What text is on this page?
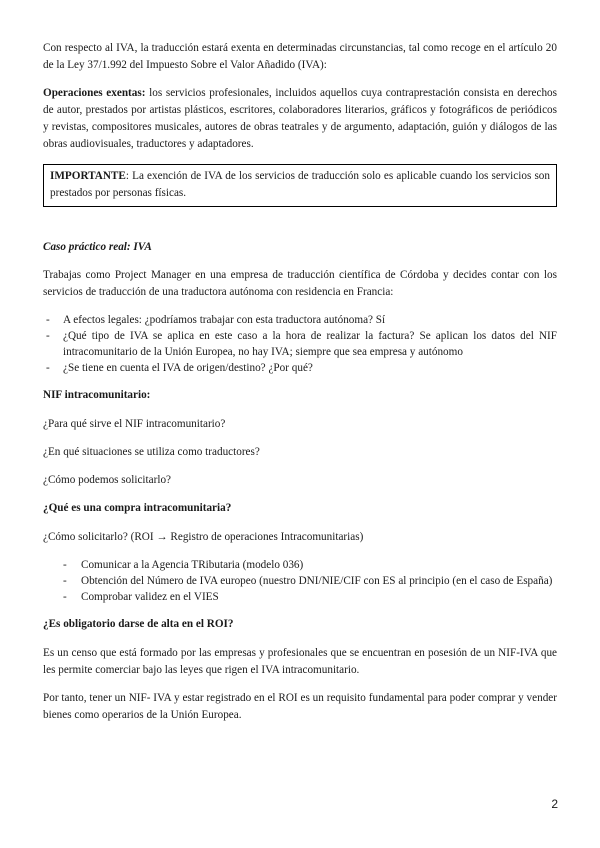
Con respecto al IVA, la traducción estará exenta en determinadas circunstancias, tal como recoge en el artículo 20 de la Ley 37/1.992 del Impuesto Sobre el Valor Añadido (IVA):

Operaciones exentas: los servicios profesionales, incluidos aquellos cuya contraprestación consista en derechos de autor, prestados por artistas plásticos, escritores, colaboradores literarios, gráficos y fotográficos de periódicos y revistas, compositores musicales, autores de obras teatrales y de argumento, adaptación, guión y diálogos de las obras audiovisuales, traductores y adaptadores.

IMPORTANTE: La exención de IVA de los servicios de traducción solo es aplicable cuando los servicios son prestados por personas físicas.
Caso práctico real: IVA

Trabajas como Project Manager en una empresa de traducción científica de Córdoba y decides contar con los servicios de traducción de una traductora autónoma con residencia en Francia:

- A efectos legales: ¿podríamos trabajar con esta traductora autónoma? Sí
- ¿Qué tipo de IVA se aplica en este caso a la hora de realizar la factura? Se aplican los datos del NIF intracomunitario de la Unión Europea, no hay IVA; siempre que sea empresa y autónomo
- ¿Se tiene en cuenta el IVA de origen/destino? ¿Por qué?
NIF intracomunitario:

¿Para qué sirve el NIF intracomunitario?

¿En qué situaciones se utiliza como traductores?

¿Cómo podemos solicitarlo?

¿Qué es una compra intracomunitaria?

¿Cómo solicitarlo? (ROI → Registro de operaciones Intracomunitarias)

- Comunicar a la Agencia TRibutaria (modelo 036)
- Obtención del Número de IVA europeo (nuestro DNI/NIE/CIF con ES al principio (en el caso de España)
- Comprobar validez en el VIES
¿Es obligatorio darse de alta en el ROI?

Es un censo que está formado por las empresas y profesionales que se encuentran en posesión de un NIF-IVA que les permite comerciar bajo las leyes que rigen el IVA intracomunitario.

Por tanto, tener un NIF- IVA y estar registrado en el ROI es un requisito fundamental para poder comprar y vender bienes como operarios de la Unión Europea.

2
